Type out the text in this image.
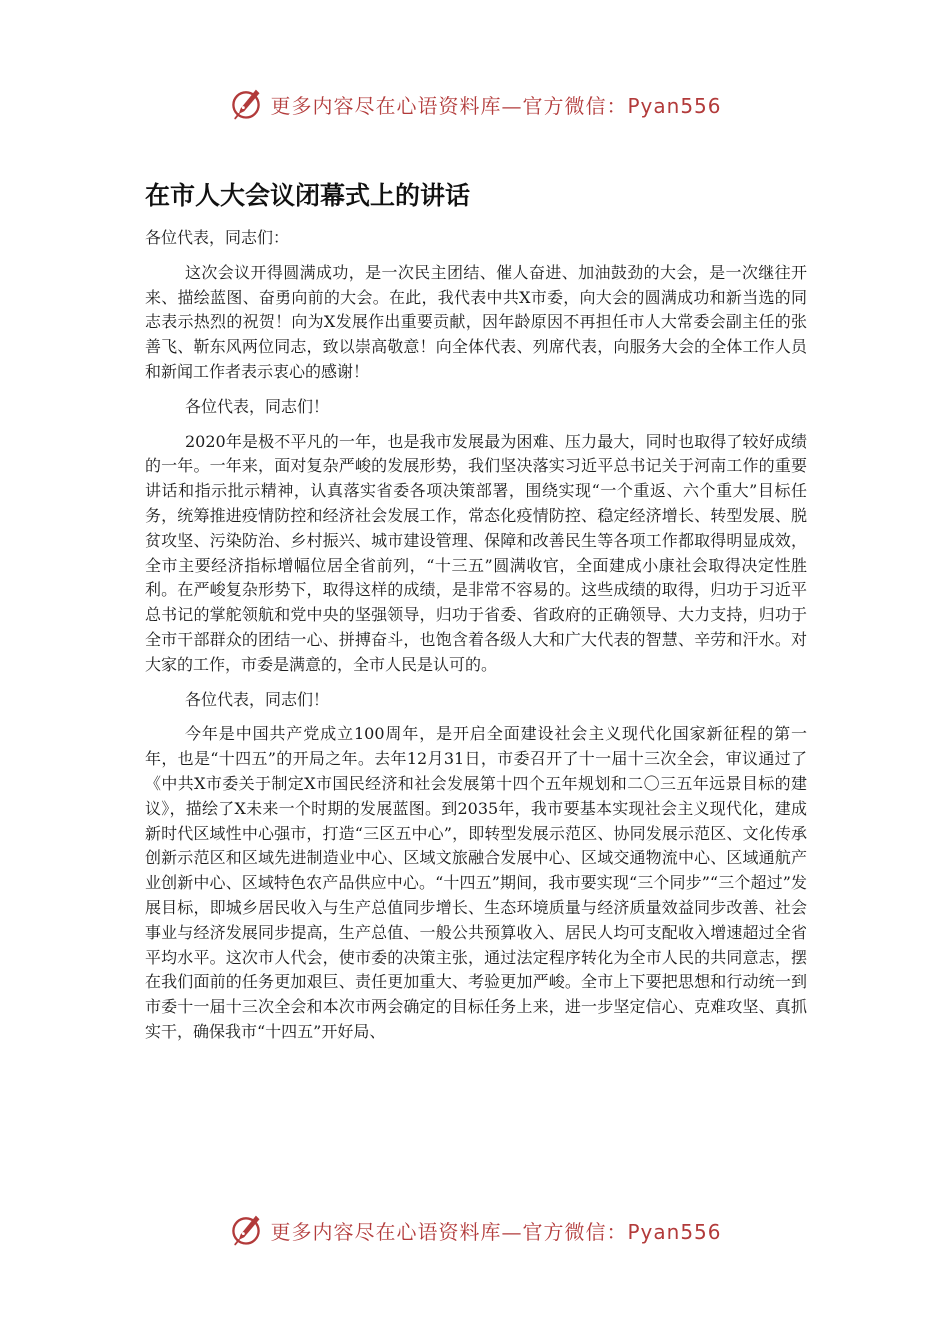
更多内容尽在心语资料库—官方微信：Pyan556
在市人大会议闭幕式上的讲话

各位代表，同志们：

这次会议开得圆满成功，是一次民主团结、催人奋进、加油鼓劲的大会，是一次继往开来、描绘蓝图、奋勇向前的大会。在此，我代表中共X市委，向大会的圆满成功和新当选的同志表示热烈的祝贺！向为X发展作出重要贡献，因年龄原因不再担任市人大常委会副主任的张善飞、靳东风两位同志，致以崇高敬意！向全体代表、列席代表，向服务大会的全体工作人员和新闻工作者表示衷心的感谢！

各位代表，同志们！

2020年是极不平凡的一年，也是我市发展最为困难、压力最大，同时也取得了较好成绩的一年。一年来，面对复杂严峻的发展形势，我们坚决落实习近平总书记关于河南工作的重要讲话和指示批示精神，认真落实省委各项决策部署，围绕实现“一个重返、六个重大”目标任务，统筹推进疫情防控和经济社会发展工作，常态化疫情防控、稳定经济增长、转型发展、脱贫攻坚、污染防治、乡村振兴、城市建设管理、保障和改善民生等各项工作都取得明显成效，全市主要经济指标增幅位居全省前列，“十三五”圆满收官，全面建成小康社会取得决定性胜利。在严峻复杂形势下，取得这样的成绩，是非常不容易的。这些成绩的取得，归功于习近平总书记的掌舵领航和党中央的坚强领导，归功于省委、省政府的正确领导、大力支持，归功于全市干部群众的团结一心、拼搏奋斗，也饱含着各级人大和广大代表的智慧、辛劳和汗水。对大家的工作，市委是满意的，全市人民是认可的。

各位代表，同志们！

今年是中国共产党成立100周年，是开启全面建设社会主义现代化国家新征程的第一年，也是“十四五”的开局之年。去年12月31日，市委召开了十一届十三次全会，审议通过了《中共X市委关于制定X市国民经济和社会发展第十四个五年规划和二〇三五年远景目标的建议》，描绘了X未来一个时期的发展蓝图。到2035年，我市要基本实现社会主义现代化，建成新时代区域性中心强市，打造“三区五中心”，即转型发展示范区、协同发展示范区、文化传承创新示范区和区域先进制造业中心、区域文旅融合发展中心、区域交通物流中心、区域通航产业创新中心、区域特色农产品供应中心。“十四五”期间，我市要实现“三个同步”“三个超过”发展目标，即城乡居民收入与生产总值同步增长、生态环境质量与经济质量效益同步改善、社会事业与经济发展同步提高，生产总值、一般公共预算收入、居民人均可支配收入增速超过全省平均水平。这次市人代会，使市委的决策主张，通过法定程序转化为全市人民的共同意志，摆在我们面前的任务更加艰巨、责任更加重大、考验更加严峻。全市上下要把思想和行动统一到市委十一届十三次全会和本次市两会确定的目标任务上来，进一步坚定信心、克难攻坚、真抓实干，确保我市“十四五”开好局、

更多内容尽在心语资料库—官方微信：Pyan556
